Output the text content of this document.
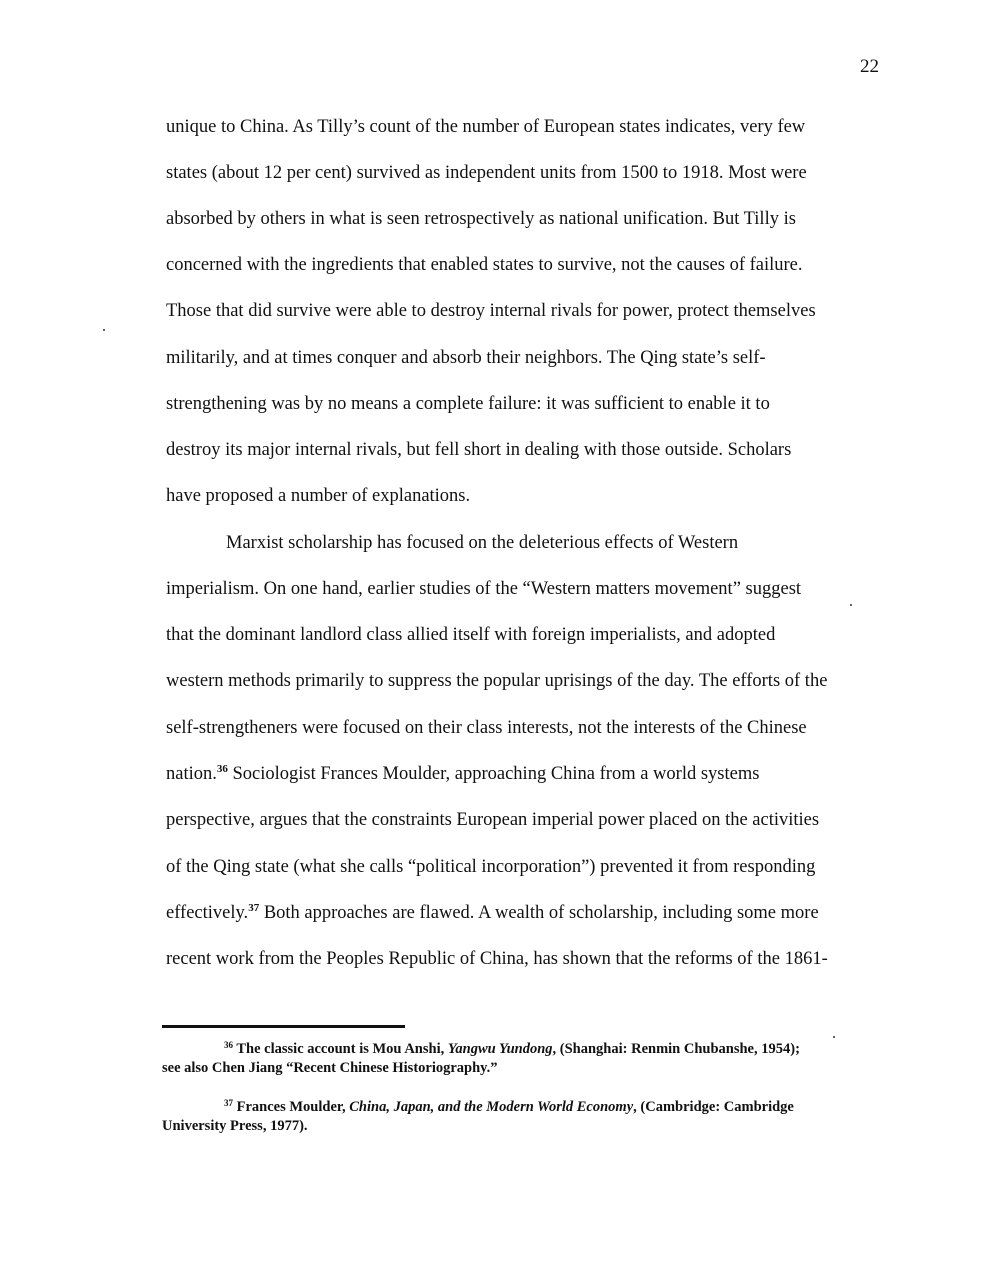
22
unique to China. As Tilly’s count of the number of European states indicates, very few
states (about 12 per cent) survived as independent units from 1500 to 1918. Most were
absorbed by others in what is seen retrospectively as national unification. But Tilly is
concerned with the ingredients that enabled states to survive, not the causes of failure.
Those that did survive were able to destroy internal rivals for power, protect themselves
militarily, and at times conquer and absorb their neighbors. The Qing state’s self-
strengthening was by no means a complete failure: it was sufficient to enable it to
destroy its major internal rivals, but fell short in dealing with those outside. Scholars
have proposed a number of explanations.
Marxist scholarship has focused on the deleterious effects of Western
imperialism. On one hand, earlier studies of the “Western matters movement” suggest
that the dominant landlord class allied itself with foreign imperialists, and adopted
western methods primarily to suppress the popular uprisings of the day. The efforts of the
self-strengtheners were focused on their class interests, not the interests of the Chinese
nation.$^{36}$ Sociologist Frances Moulder, approaching China from a world systems
perspective, argues that the constraints European imperial power placed on the activities
of the Qing state (what she calls “political incorporation”) prevented it from responding
effectively.$^{37}$ Both approaches are flawed. A wealth of scholarship, including some more
recent work from the Peoples Republic of China, has shown that the reforms of the 1861-
$^{36}$ The classic account is Mou Anshi, Yangwu Yundong, (Shanghai: Renmin Chubanshe, 1954);
see also Chen Jiang “Recent Chinese Historiography.”
$^{37}$ Frances Moulder, China, Japan, and the Modern World Economy, (Cambridge: Cambridge
University Press, 1977).
